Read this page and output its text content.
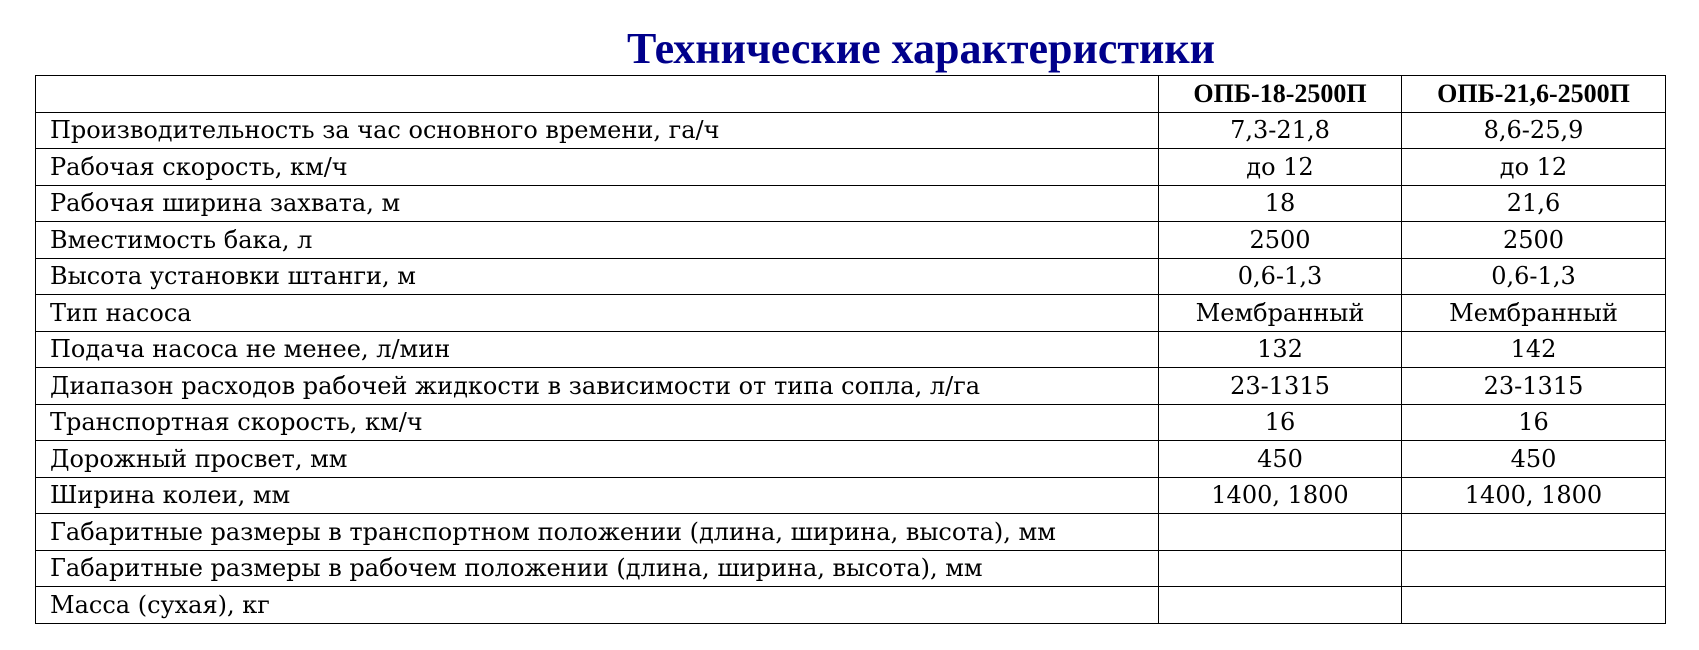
Технические характеристики
	ОПБ-18-2500П	ОПБ-21,6-2500П
Производительность за час основного времени, га/ч	7,3-21,8	8,6-25,9
Рабочая скорость, км/ч	до 12	до 12
Рабочая ширина захвата, м	18	21,6
Вместимость бака, л	2500	2500
Высота установки штанги, м	0,6-1,3	0,6-1,3
Тип насоса	Мембранный	Мембранный
Подача насоса не менее, л/мин	132	142
Диапазон расходов рабочей жидкости в зависимости от типа сопла, л/га	23-1315	23-1315
Транспортная скорость, км/ч	16	16
Дорожный просвет, мм	450	450
Ширина колеи, мм	1400, 1800	1400, 1800
Габаритные размеры в транспортном положении (длина, ширина, высота), мм		
Габаритные размеры в рабочем положении (длина, ширина, высота), мм		
Масса (сухая), кг		
